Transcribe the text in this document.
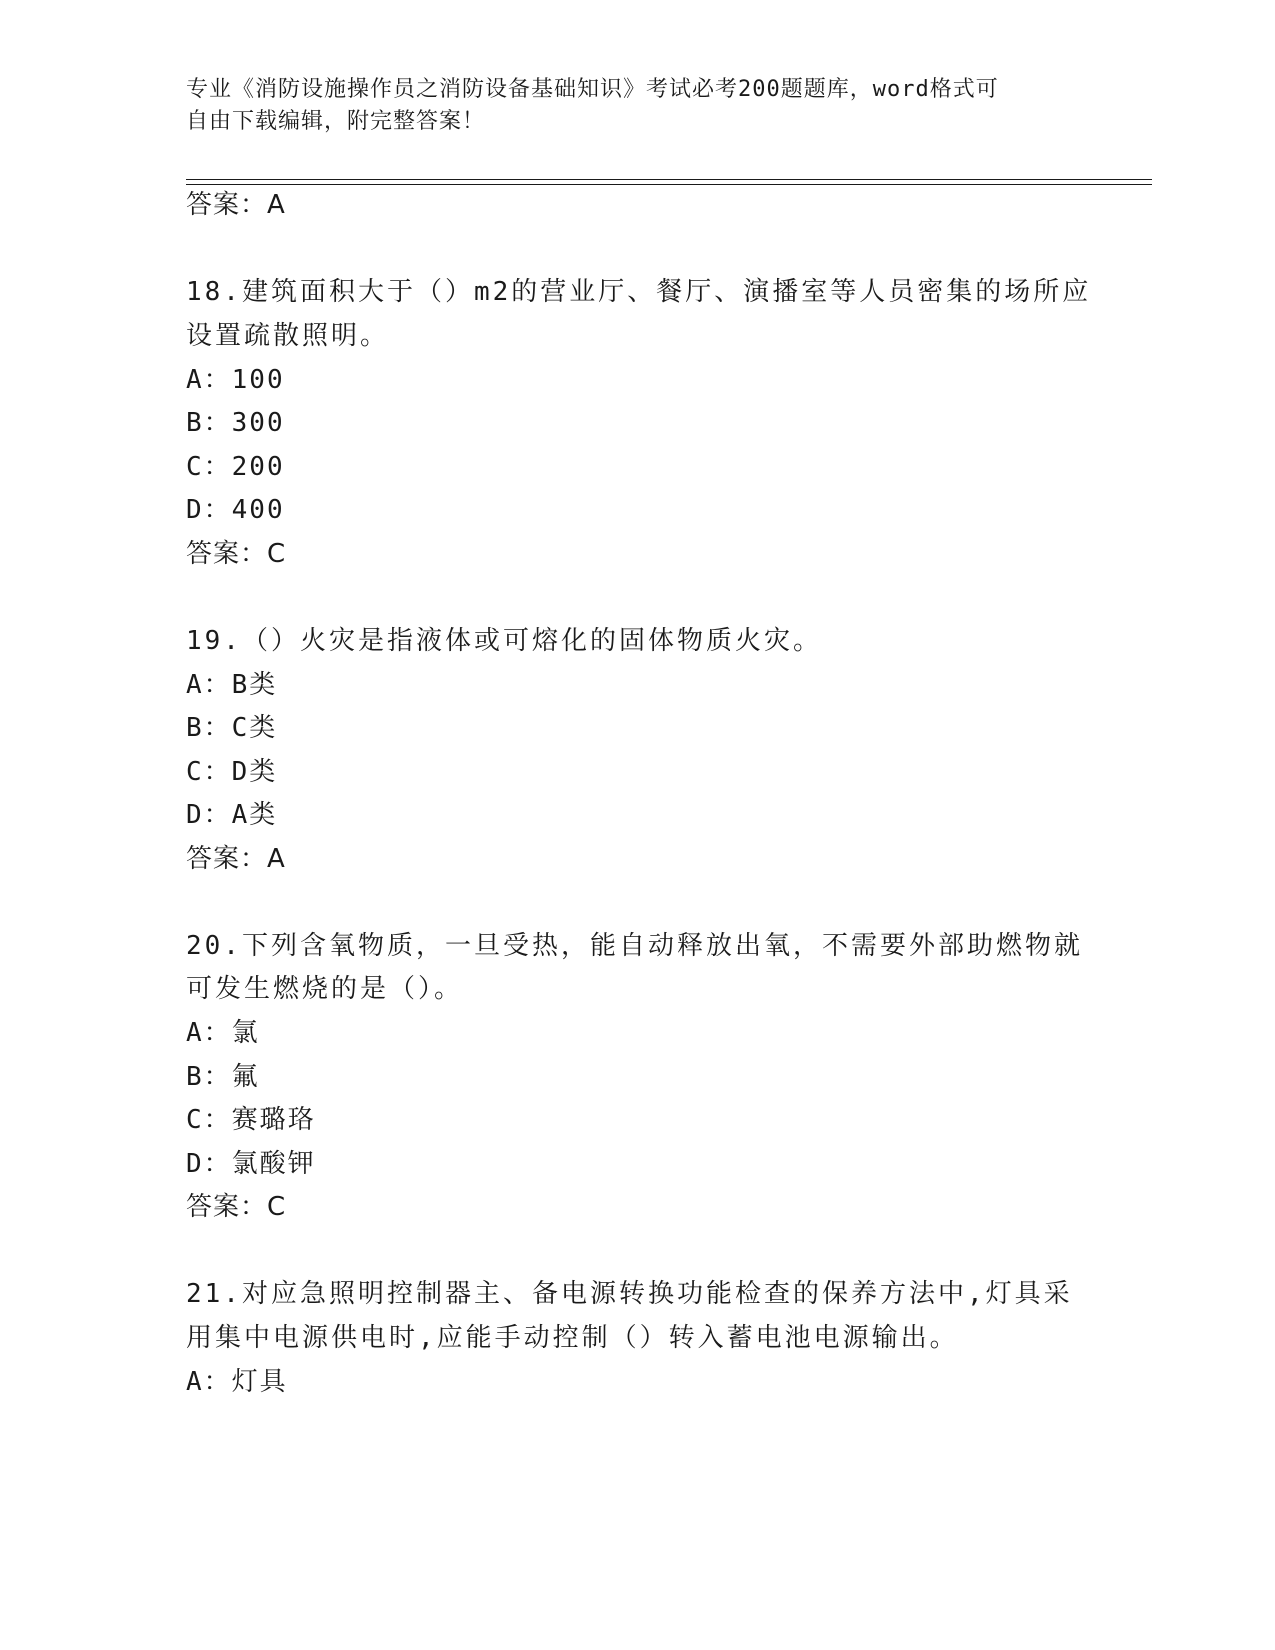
专业《消防设施操作员之消防设备基础知识》考试必考200题题库，word格式可
自由下载编辑，附完整答案！
答案：A
18.建筑面积大于（）m2的营业厅、餐厅、演播室等人员密集的场所应
设置疏散照明。
A：100
B：300
C：200
D：400
答案：C
19.（）火灾是指液体或可熔化的固体物质火灾。
A：B类
B：C类
C：D类
D：A类
答案：A
20.下列含氧物质，一旦受热，能自动释放出氧，不需要外部助燃物就
可发生燃烧的是（）。
A：氯
B：氟
C：赛璐珞
D：氯酸钾
答案：C
21.对应急照明控制器主、备电源转换功能检查的保养方法中,灯具采
用集中电源供电时,应能手动控制（）转入蓄电池电源输出。
A：灯具
